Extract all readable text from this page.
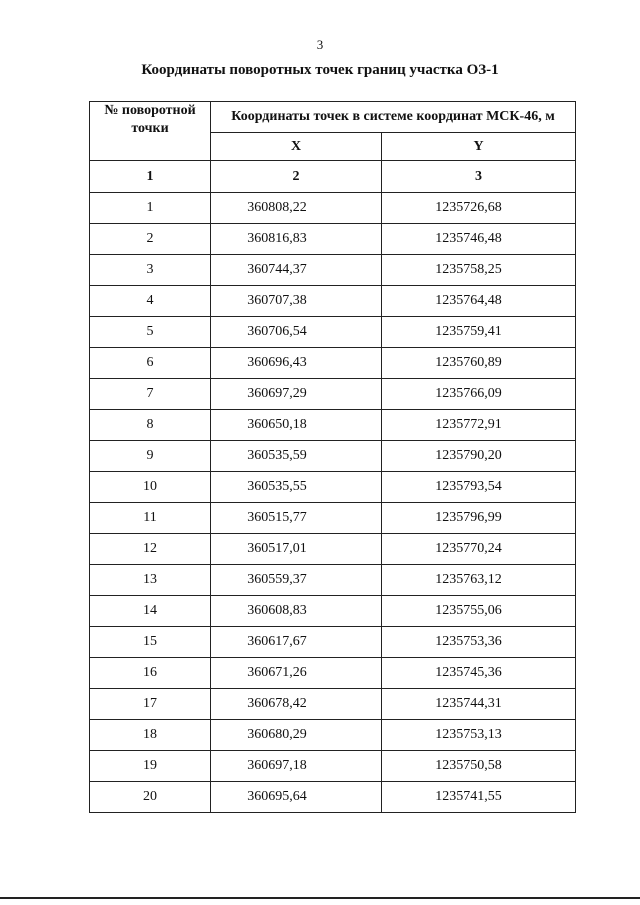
3
Координаты поворотных точек границ участка ОЗ-1
№ поворотной точки	Координаты точек в системе координат МСК-46, м	
	X	Y
1	2	3
1	360808,22	1235726,68
2	360816,83	1235746,48
3	360744,37	1235758,25
4	360707,38	1235764,48
5	360706,54	1235759,41
6	360696,43	1235760,89
7	360697,29	1235766,09
8	360650,18	1235772,91
9	360535,59	1235790,20
10	360535,55	1235793,54
11	360515,77	1235796,99
12	360517,01	1235770,24
13	360559,37	1235763,12
14	360608,83	1235755,06
15	360617,67	1235753,36
16	360671,26	1235745,36
17	360678,42	1235744,31
18	360680,29	1235753,13
19	360697,18	1235750,58
20	360695,64	1235741,55
